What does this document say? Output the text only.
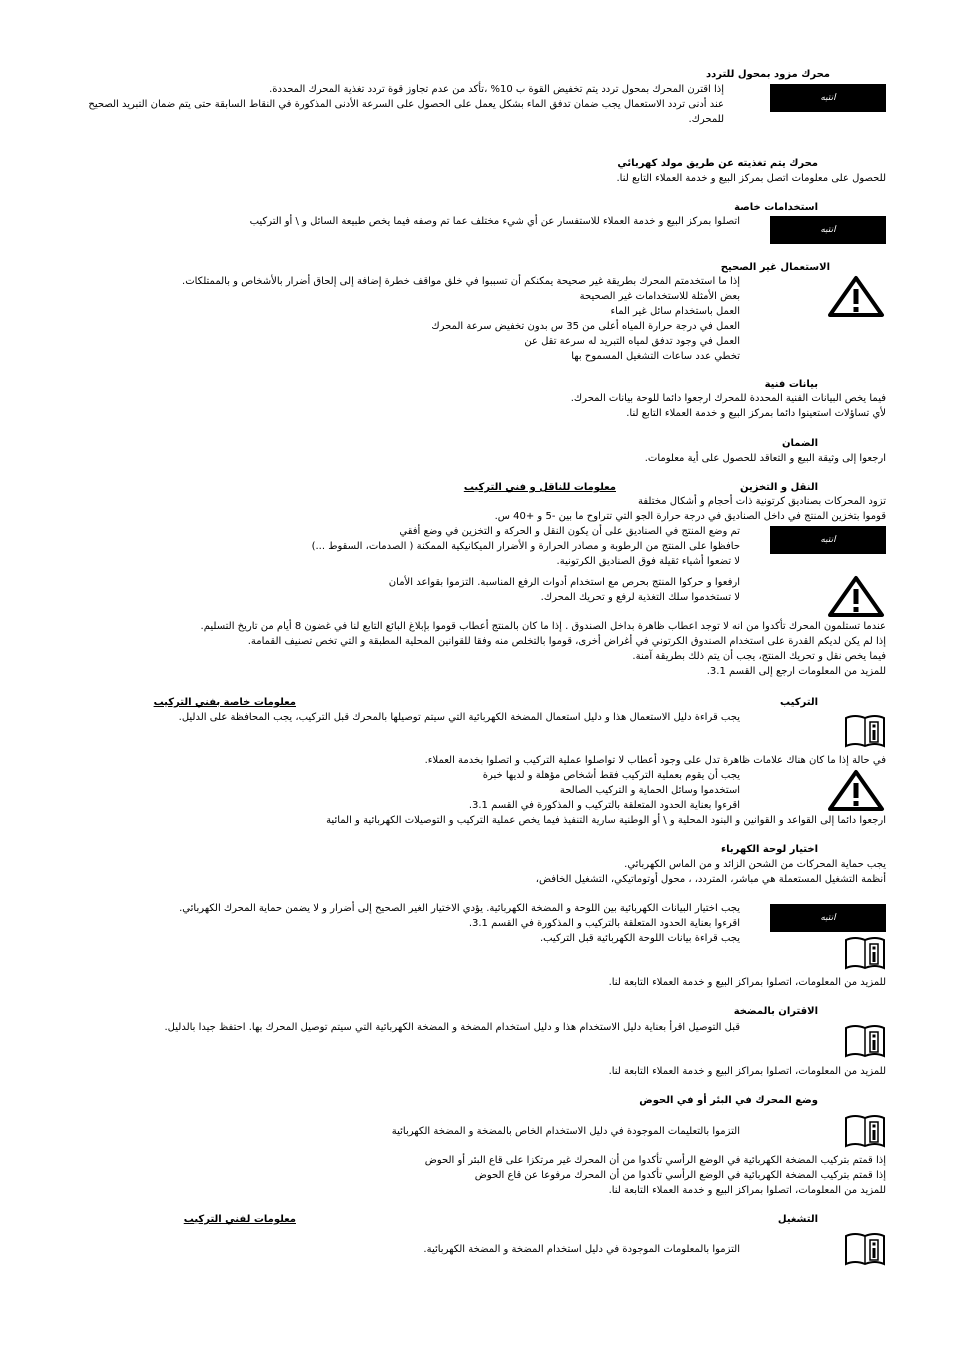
محرك مزود بمحول للتردد
إذا اقترن المحرك بمحول تردد يتم تخفيض القوة ب 10% ،تأكد من عدم تجاوز قوة تردد تغذية المحرك المحددة.
عند أدنى تردد الاستعمال يجب ضمان تدفق الماء بشكل يعمل على الحصول على السرعة الأدنى المذكورة في النقاط السابقة حتى يتم ضمان التبريد الصحيح
للمحرك.
انتبه
محرك يتم تغذيته عن طريق مولد كهربائي
للحصول على معلومات اتصل بمركز البيع و خدمة العملاء التابع لنا.
استخدامات خاصة
اتصلوا بمركز البيع و خدمة العملاء للاستفسار عن أي شيء مختلف عما تم وصفه فيما يخص طبيعة السائل و \ أو التركيب
انتبه
الاستعمال غير الصحيح
إذا ما استخدمتم المحرك بطريقة غير صحيحة يمكنكم أن تسببوا في خلق مواقف خطرة إضافة إلى إلحاق أضرار بالأشخاص و بالممتلكات.
بعض الأمثلة للاستخدامات غير الصحيحة
العمل باستخدام سائل غير الماء
العمل في درجة حرارة المياه أعلى من 35 س بدون تخفيض سرعة المحرك
العمل في وجود تدفق لمياه التبريد له سرعة تقل عن
تخطي عدد ساعات التشغيل المسموح بها
بيانات فنية
فيما يخص البيانات الفنية المحددة للمحرك ارجعوا دائما للوحة بيانات المحرك.
لأي تساؤلات استعينوا دائما بمركز البيع و خدمة العملاء التابع لنا.
الضمان
ارجعوا إلى وثيقة البيع و التعاقد للحصول على أية معلومات.
النقل و التخزين
معلومات للناقل و فني التركيب
تزود المحركات بصناديق كرتونية ذات أحجام و أشكال مختلفة
قوموا بتخزين المنتج في داخل الصناديق في درجة حرارة الجو التي تتراوح ما بين -5 و +40 س.
تم وضع المنتج في الصناديق على أن يكون النقل و الحركة و التخزين في وضع أفقي
حافظوا على المنتج من الرطوبة و مصادر الحرارة و الأضرار الميكانيكية الممكنة ( الصدمات، السقوط ...)
لا تضعوا أشياء ثقيلة فوق الصناديق الكرتونية.
انتبه
ارفعوا و حركوا المنتج بحرص مع استخدام أدوات الرفع المناسبة. التزموا بقواعد الأمان
لا تستخدموا سلك التغذية لرفع و تحريك المحرك.
عندما تستلمون المحرك تأكدوا من انه لا توجد اعطاب ظاهرة بداخل الصندوق . إذا ما كان بالمنتج أعطاب قوموا بإبلاغ البائع التابع لنا في غضون 8 أيام من تاريخ التسليم.
إذا لم يكن لديكم القدرة على استخدام الصندوق الكرتوني في أغراض أخرى، قوموا بالتخلص منه وفقا للقوانين المحلية المطبقة و التي تخص تصنيف القمامة.
فيما يخص نقل و تحريك المنتج، يجب أن يتم ذلك بطريقة آمنة.
للمزيد من المعلومات ارجع إلى القسم 3.1.
التركيب
معلومات خاصة بفني التركيب
يجب قراءة دليل الاستعمال هذا و دليل استعمال المضخة الكهربائية التي سيتم توصيلها بالمحرك قبل التركيب، يجب المحافظة على الدليل.
في حالة إذا ما كان هناك علامات ظاهرة تدل على وجود أعطاب لا تواصلوا عملية التركيب و اتصلوا بخدمة العملاء.
يجب أن يقوم بعملية التركيب فقط أشخاص مؤهلة و لديها خبرة
استخدموا وسائل الحماية و التركيب الصالحة
اقرءوا بعناية الحدود المتعلقة بالتركيب و المذكورة في القسم 3.1.
ارجعوا دائما إلى القواعد و القوانين و البنود المحلية و \ أو الوطنية سارية التنفيذ فيما يخص عملية التركيب و التوصيلات الكهربائية و المائية
اختيار لوحة الكهرباء
يجب حماية المحركات من الشحن الزائد و من الماس الكهربائي.
أنظمة التشغيل المستعملة هي مباشر، المتردد، ، محول أوتوماتيكي، التشغيل الخافض،
يجب اختيار البيانات الكهربائية بين اللوحة و المضخة الكهربائية. يؤدي الاختيار الغير الصحيح إلى أضرار و لا يضمن حماية المحرك الكهربائي.
اقرءوا بعناية الحدود المتعلقة بالتركيب و المذكورة في القسم 3.1.
يجب قراءة بيانات اللوحة الكهربائية قبل التركيب.
انتبه
للمزيد من المعلومات، اتصلوا بمراكز البيع و خدمة العملاء التابعة لنا.
الاقتران بالمضخة
قبل التوصيل اقرأ بعناية دليل الاستخدام هذا و دليل استخدام المضخة و المضخة الكهربائية التي سيتم توصيل المحرك بها. احتفظ جيدا بالدليل.
للمزيد من المعلومات، اتصلوا بمراكز البيع و خدمة العملاء التابعة لنا.
وضع المحرك في البئر أو في الحوض
التزموا بالتعليمات الموجودة في دليل الاستخدام الخاص بالمضخة و المضخة الكهربائية
إذا قمتم بتركيب المضخة الكهربائية في الوضع الرأسي تأكدوا من أن المحرك غير مرتكزا على قاع البئر أو الحوض
إذا قمتم بتركيب المضخة الكهربائية في الوضع الرأسي تأكدوا من أن المحرك مرفوعا عن قاع الحوض
للمزيد من المعلومات، اتصلوا بمراكز البيع و خدمة العملاء التابعة لنا.
التشغيل
معلومات لفني التركيب
التزموا بالمعلومات الموجودة في دليل استخدام المضخة و المضخة الكهربائية.
